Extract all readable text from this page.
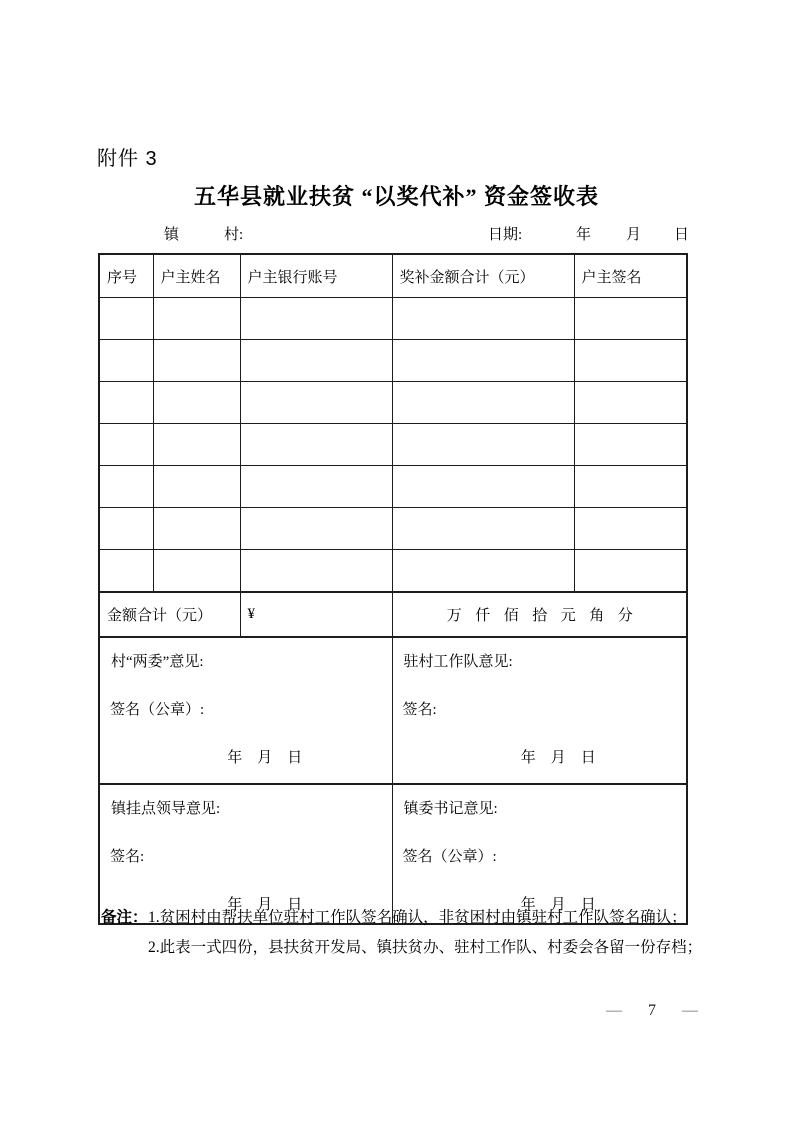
附件 3
五华县就业扶贫 “以奖代补” 资金签收表
镇	村:	日期:	年 月 日
序号	户主姓名	户主银行账号	奖补金额合计（元）	户主签名

金额合计（元）		¥	万  仟  佰  拾  元  角  分	

村“两委”意见:
签名（公章）:
年    月    日

驻村工作队意见:
签名:
年    月    日

镇挂点领导意见:
签名:
年    月    日

镇委书记意见:
签名（公章）:
年    月    日
备注： 1.贫困村由帮扶单位驻村工作队签名确认，非贫困村由镇驻村工作队签名确认；
2.此表一式四份，县扶贫开发局、镇扶贫办、驻村工作队、村委会各留一份存档；
— 7 —
